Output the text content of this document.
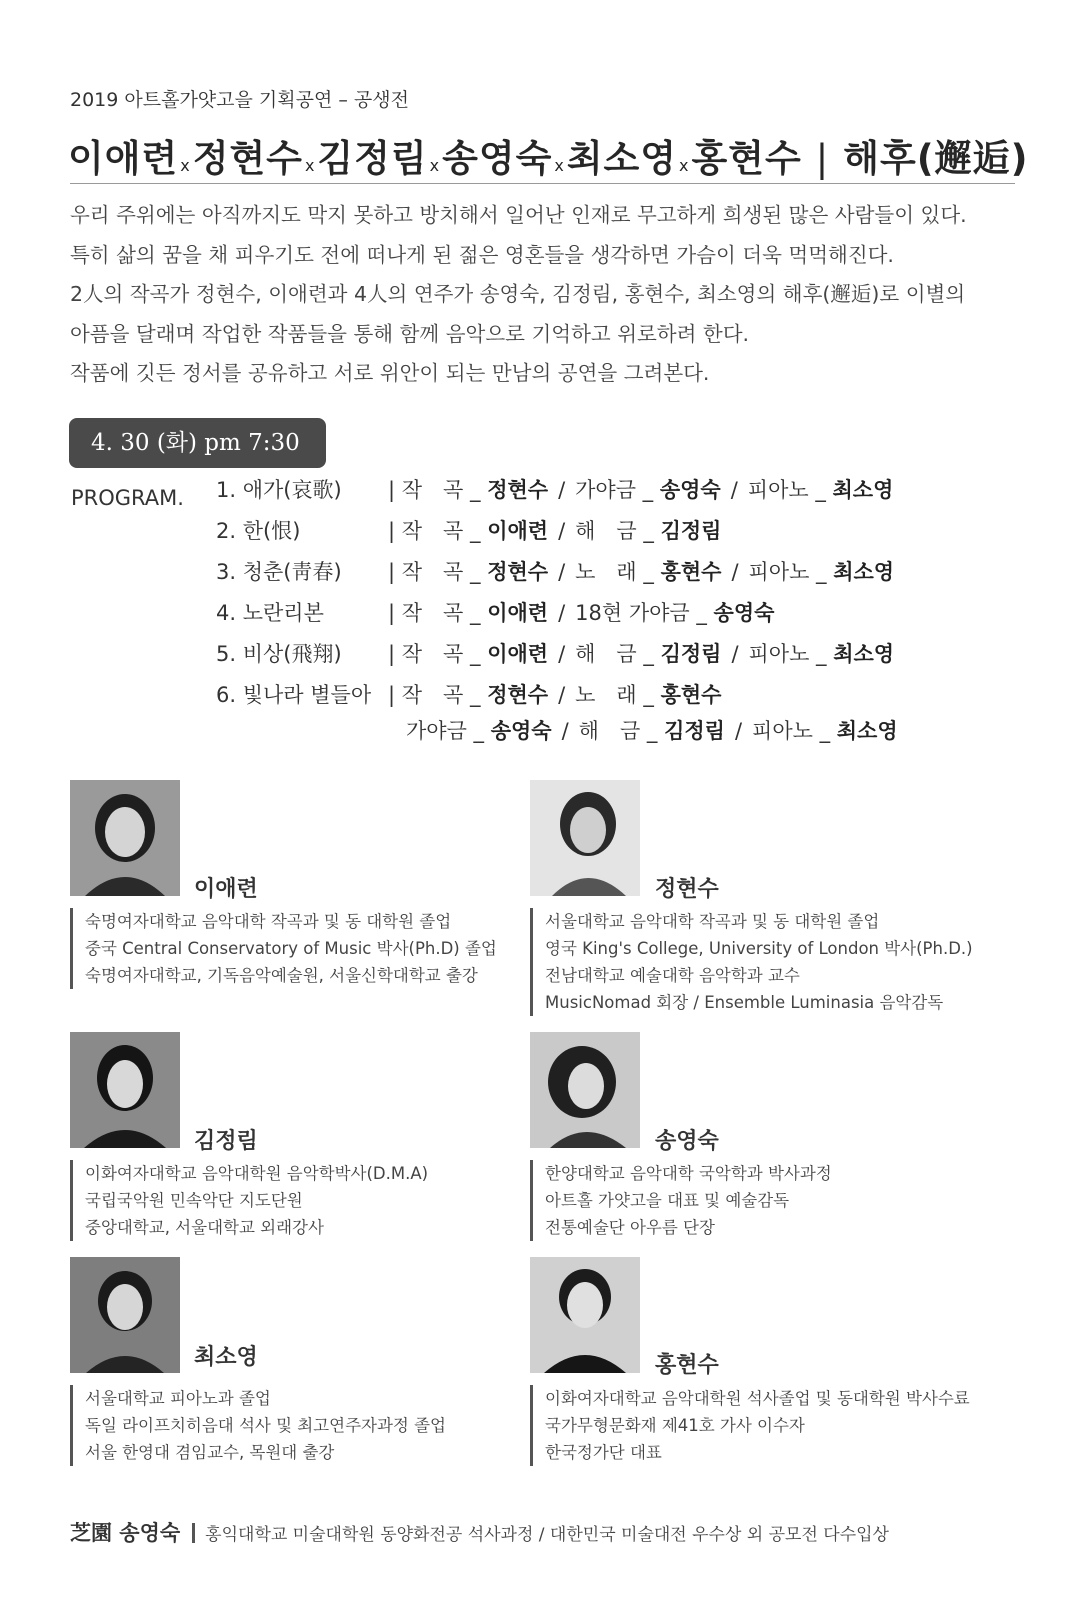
2019 아트홀가얏고을 기획공연 – 공생전
이애련 x정현수 x김정림 x송영숙 x최소영 x홍현수 | 해후(邂逅)

우리 주위에는 아직까지도 막지 못하고 방치해서 일어난 인재로 무고하게 희생된 많은 사람들이 있다.

특히 삶의 꿈을 채 피우기도 전에 떠나게 된 젊은 영혼들을 생각하면 가슴이 더욱 먹먹해진다.

2人의 작곡가 정현수, 이애련과 4人의 연주가 송영숙, 김정림, 홍현수, 최소영의 해후(邂逅)로 이별의

아픔을 달래며 작업한 작품들을 통해 함께 음악으로 기억하고 위로하려 한다.

작품에 깃든 정서를 공유하고 서로 위안이 되는 만남의 공연을 그려본다.

4. 30 (화) pm 7:30
PROGRAM. 1. 애가(哀歌) | 작　곡 _ 정현수 / 가야금 _ 송영숙 / 피아노 _ 최소영
2. 한(恨)	| 작　곡 _ 이애련 / 해　금 _ 김정림
3. 청춘(靑春) | 작　곡 _ 정현수 / 노　래 _ 홍현수 / 피아노 _ 최소영
4. 노란리본	| 작　곡 _ 이애련 / 18현 가야금 _ 송영숙
5. 비상(飛翔) | 작　곡 _ 이애련 / 해　금 _ 김정림 / 피아노 _ 최소영
6. 빛나라 별들아 | 작　곡 _ 정현수 / 노　래 _ 홍현수
가야금 _ 송영숙 / 해　금 _ 김정림 / 피아노 _ 최소영
이애련

숙명여자대학교 음악대학 작곡과 및 동 대학원 졸업

중국 Central Conservatory of Music 박사(Ph.D) 졸업

숙명여자대학교, 기독음악예술원, 서울신학대학교 출강

정현수

서울대학교 음악대학 작곡과 및 동 대학원 졸업

영국 King's College, University of London 박사(Ph.D.)

전남대학교 예술대학 음악학과 교수

MusicNomad 회장 / Ensemble Luminasia 음악감독

김정림

이화여자대학교 음악대학원 음악학박사(D.M.A)

국립국악원 민속악단 지도단원

중앙대학교, 서울대학교 외래강사

송영숙

한양대학교 음악대학 국악학과 박사과정

아트홀 가얏고을 대표 및 예술감독

전통예술단 아우름 단장

최소영

서울대학교 피아노과 졸업

독일 라이프치히음대 석사 및 최고연주자과정 졸업

서울 한영대 겸임교수, 목원대 출강

홍현수

이화여자대학교 음악대학원 석사졸업 및 동대학원 박사수료

국가무형문화재 제41호 가사 이수자

한국정가단 대표

芝園 송영숙 홍익대학교 미술대학원 동양화전공 석사과정 / 대한민국 미술대전 우수상 외 공모전 다수입상
